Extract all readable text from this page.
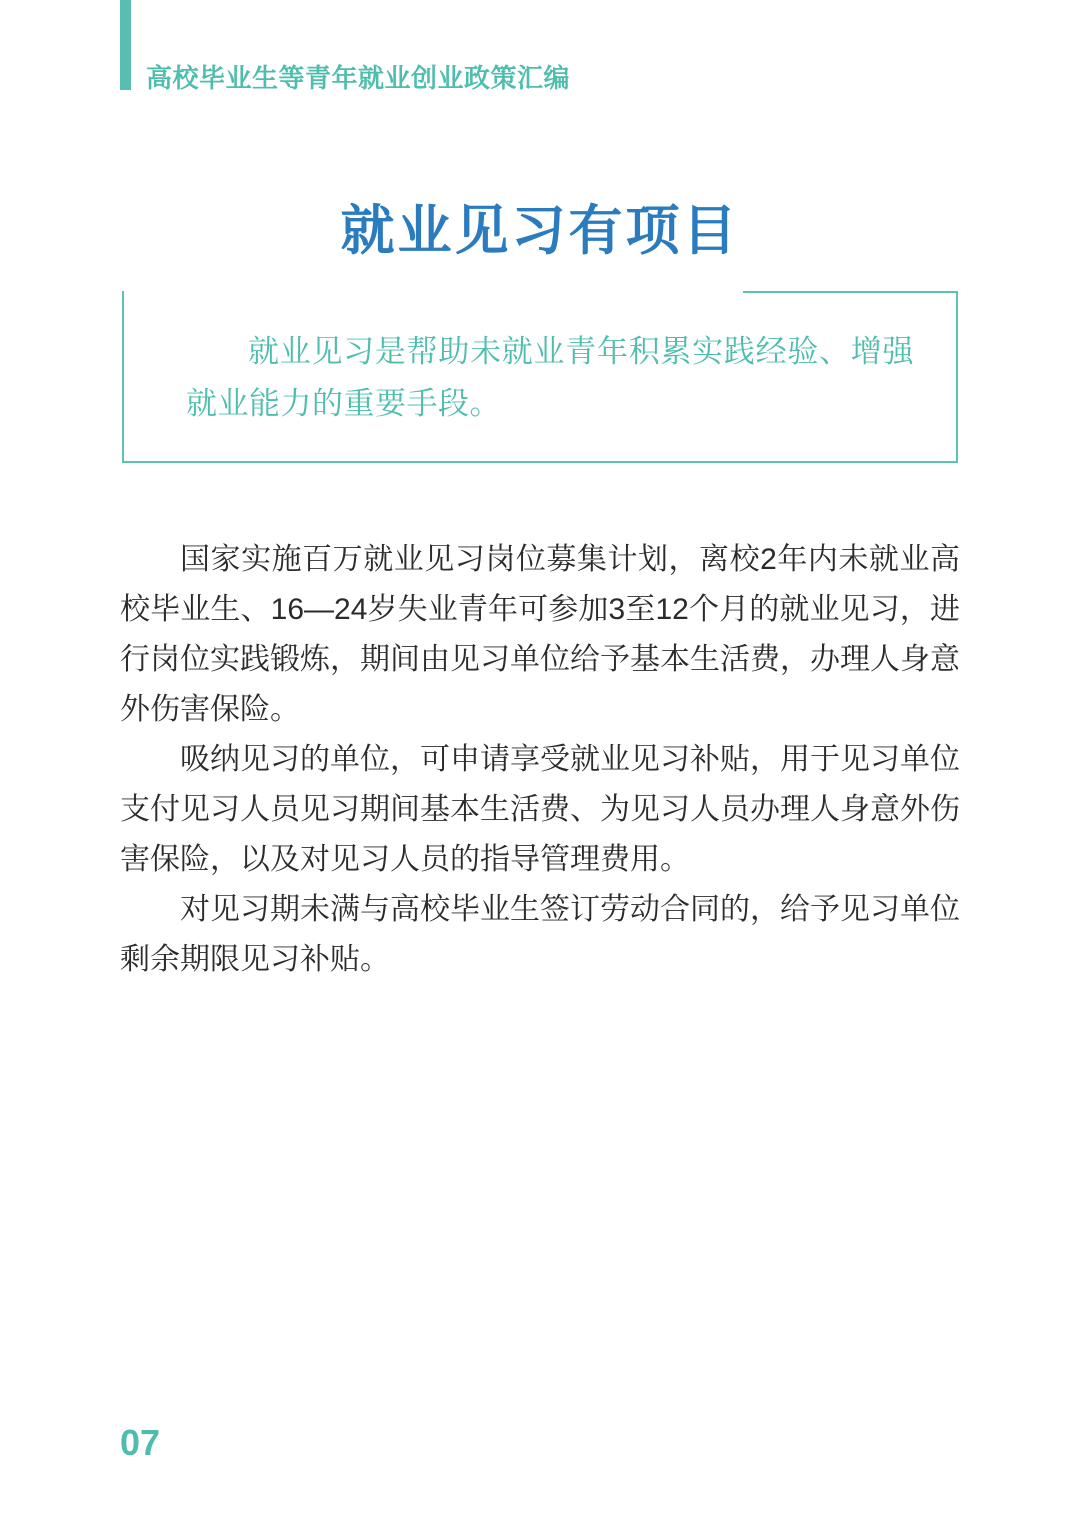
高校毕业生等青年就业创业政策汇编
就业见习有项目

就业见习是帮助未就业青年积累实践经验、增强就业能力的重要手段。

国家实施百万就业见习岗位募集计划，离校2年内未就业高校毕业生、16—24岁失业青年可参加3至12个月的就业见习，进行岗位实践锻炼，期间由见习单位给予基本生活费，办理人身意外伤害保险。

吸纳见习的单位，可申请享受就业见习补贴，用于见习单位支付见习人员见习期间基本生活费、为见习人员办理人身意外伤害保险，以及对见习人员的指导管理费用。

对见习期未满与高校毕业生签订劳动合同的，给予见习单位剩余期限见习补贴。

07
